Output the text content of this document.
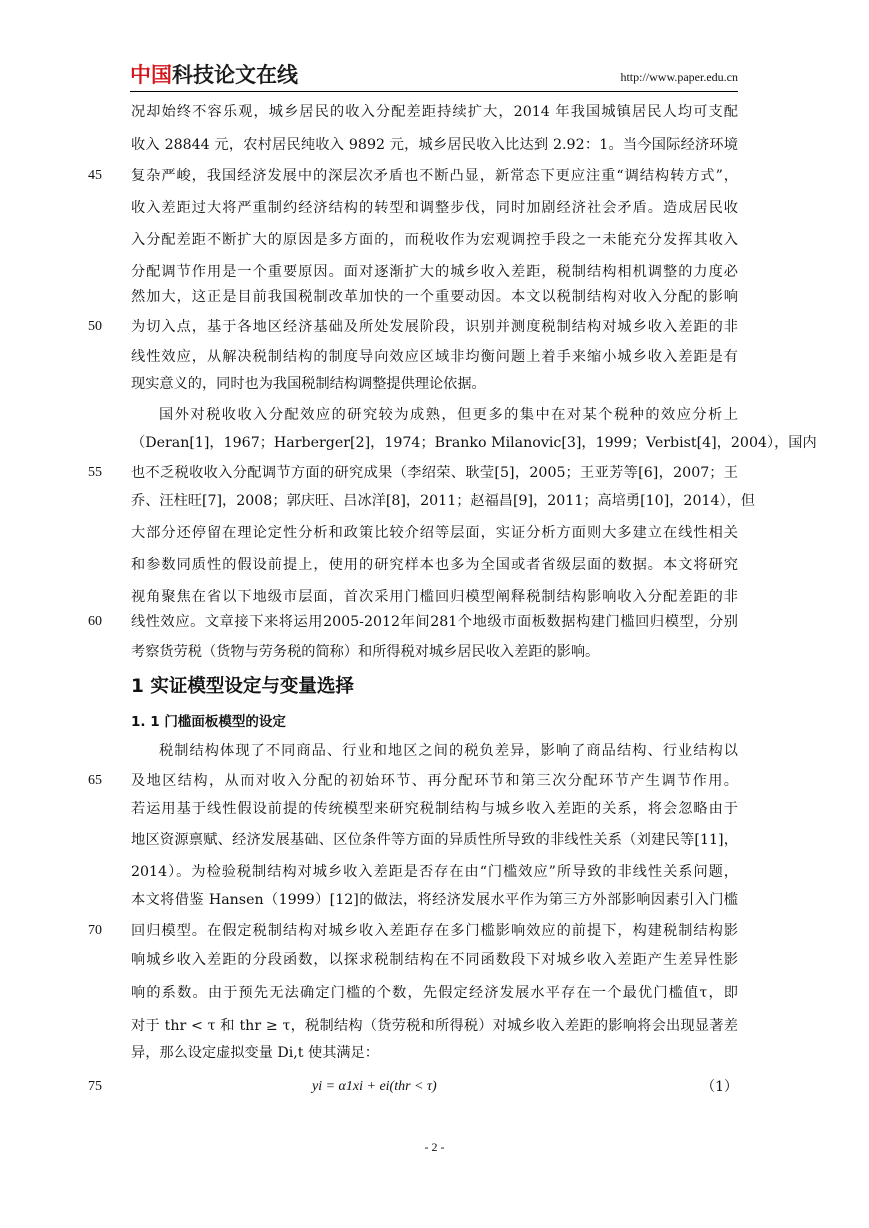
中国科技论文在线	http://www.paper.edu.cn
况却始终不容乐观，城乡居民的收入分配差距持续扩大，2014 年我国城镇居民人均可支配
收入 28844 元，农村居民纯收入 9892 元，城乡居民收入比达到 2.92：1。当今国际经济环境
复杂严峻，我国经济发展中的深层次矛盾也不断凸显，新常态下更应注重“调结构转方式”，
收入差距过大将严重制约经济结构的转型和调整步伐，同时加剧经济社会矛盾。造成居民收
入分配差距不断扩大的原因是多方面的，而税收作为宏观调控手段之一未能充分发挥其收入
分配调节作用是一个重要原因。面对逐渐扩大的城乡收入差距，税制结构相机调整的力度必
然加大，这正是目前我国税制改革加快的一个重要动因。本文以税制结构对收入分配的影响
为切入点，基于各地区经济基础及所处发展阶段，识别并测度税制结构对城乡收入差距的非
线性效应，从解决税制结构的制度导向效应区域非均衡问题上着手来缩小城乡收入差距是有
现实意义的，同时也为我国税制结构调整提供理论依据。
国外对税收收入分配效应的研究较为成熟，但更多的集中在对某个税种的效应分析上
（Deran[1]，1967；Harberger[2]，1974；Branko Milanovic[3]，1999；Verbist[4]，2004），国内
也不乏税收收入分配调节方面的研究成果（李绍荣、耿莹[5]，2005；王亚芳等[6]，2007；王
乔、汪柱旺[7]，2008；郭庆旺、吕冰洋[8]，2011；赵福昌[9]，2011；高培勇[10]，2014），但
大部分还停留在理论定性分析和政策比较介绍等层面，实证分析方面则大多建立在线性相关
和参数同质性的假设前提上，使用的研究样本也多为全国或者省级层面的数据。本文将研究
视角聚焦在省以下地级市层面，首次采用门槛回归模型阐释税制结构影响收入分配差距的非
线性效应。文章接下来将运用2005-2012年间281个地级市面板数据构建门槛回归模型，分别
考察货劳税（货物与劳务税的简称）和所得税对城乡居民收入差距的影响。
1 实证模型设定与变量选择
1. 1 门槛面板模型的设定
税制结构体现了不同商品、行业和地区之间的税负差异，影响了商品结构、行业结构以
及地区结构，从而对收入分配的初始环节、再分配环节和第三次分配环节产生调节作用。
若运用基于线性假设前提的传统模型来研究税制结构与城乡收入差距的关系，将会忽略由于
地区资源禀赋、经济发展基础、区位条件等方面的异质性所导致的非线性关系（刘建民等[11]，
2014）。为检验税制结构对城乡收入差距是否存在由“门槛效应”所导致的非线性关系问题，
本文将借鉴 Hansen（1999）[12]的做法，将经济发展水平作为第三方外部影响因素引入门槛
回归模型。在假定税制结构对城乡收入差距存在多门槛影响效应的前提下，构建税制结构影
响城乡收入差距的分段函数，以探求税制结构在不同函数段下对城乡收入差距产生差异性影
响的系数。由于预先无法确定门槛的个数，先假定经济发展水平存在一个最优门槛值τ，即
对于 thr < τ 和 thr ≥ τ，税制结构（货劳税和所得税）对城乡收入差距的影响将会出现显著差
异，那么设定虚拟变量 Di,t 使其满足：
yi = α1xi + ei(thr < τ)	（1）
45
50
55
60
65
70
75
- 2 -
